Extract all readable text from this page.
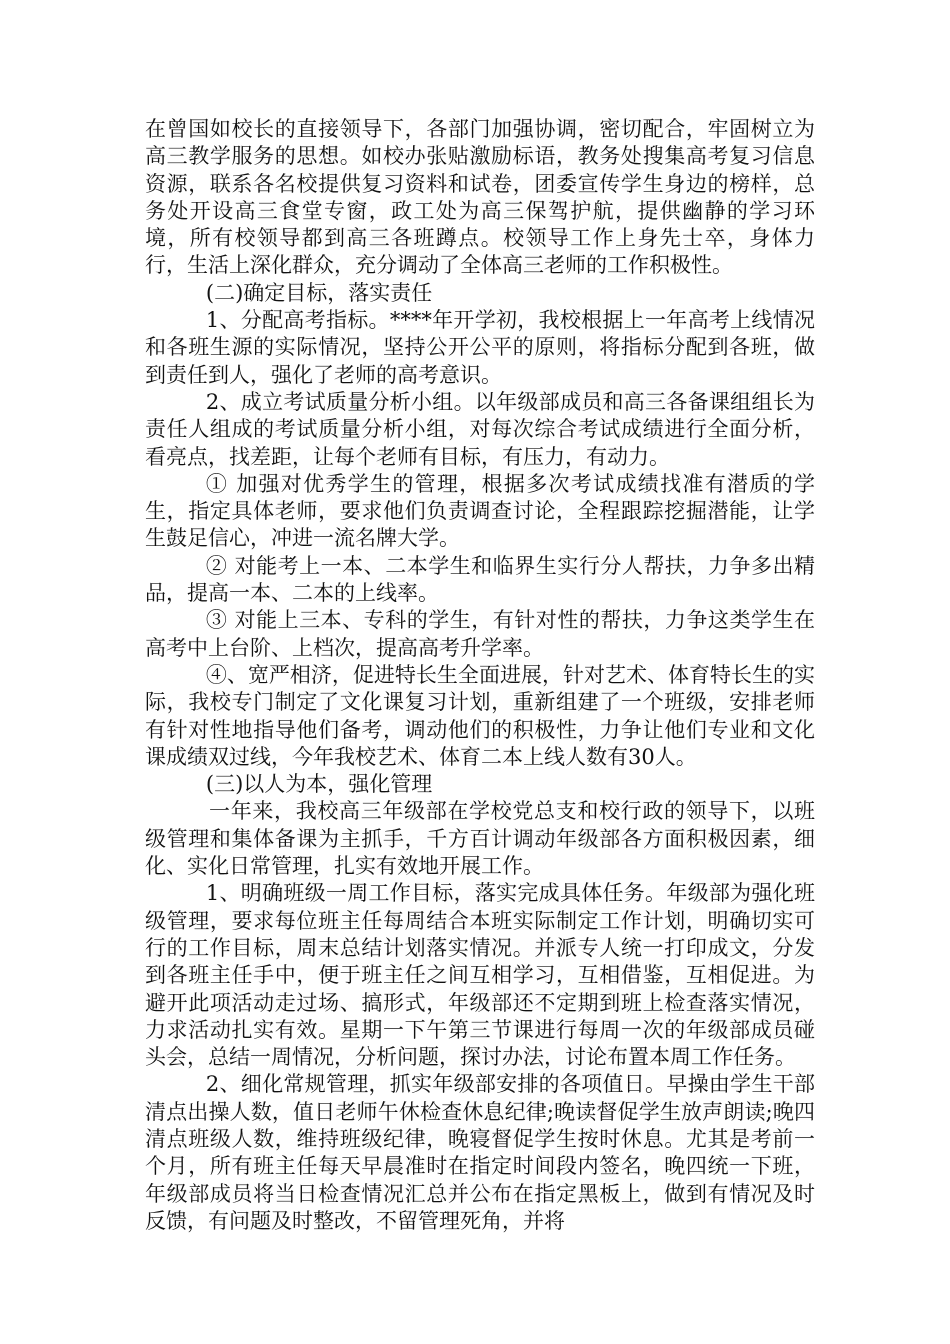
在曾国如校长的直接领导下，各部门加强协调，密切配合，牢固树立为高三教学服务的思想。如校办张贴激励标语，教务处搜集高考复习信息资源，联系各名校提供复习资料和试卷，团委宣传学生身边的榜样，总务处开设高三食堂专窗，政工处为高三保驾护航，提供幽静的学习环境，所有校领导都到高三各班蹲点。校领导工作上身先士卒，身体力行，生活上深化群众，充分调动了全体高三老师的工作积极性。

(二)确定目标，落实责任

1、分配高考指标。****年开学初，我校根据上一年高考上线情况和各班生源的实际情况，坚持公开公平的原则，将指标分配到各班，做到责任到人，强化了老师的高考意识。

2、成立考试质量分析小组。以年级部成员和高三各备课组组长为责任人组成的考试质量分析小组，对每次综合考试成绩进行全面分析，看亮点，找差距，让每个老师有目标，有压力，有动力。

① 加强对优秀学生的管理，根据多次考试成绩找准有潜质的学生，指定具体老师，要求他们负责调查讨论，全程跟踪挖掘潜能，让学生鼓足信心，冲进一流名牌大学。

② 对能考上一本、二本学生和临界生实行分人帮扶，力争多出精品，提高一本、二本的上线率。

③ 对能上三本、专科的学生，有针对性的帮扶，力争这类学生在高考中上台阶、上档次，提高高考升学率。

④、宽严相济，促进特长生全面进展，针对艺术、体育特长生的实际，我校专门制定了文化课复习计划，重新组建了一个班级，安排老师有针对性地指导他们备考，调动他们的积极性，力争让他们专业和文化课成绩双过线，今年我校艺术、体育二本上线人数有30人。

(三)以人为本，强化管理

一年来，我校高三年级部在学校党总支和校行政的领导下，以班级管理和集体备课为主抓手，千方百计调动年级部各方面积极因素，细化、实化日常管理，扎实有效地开展工作。

1、明确班级一周工作目标，落实完成具体任务。年级部为强化班级管理，要求每位班主任每周结合本班实际制定工作计划，明确切实可行的工作目标，周末总结计划落实情况。并派专人统一打印成文，分发到各班主任手中，便于班主任之间互相学习，互相借鉴，互相促进。为避开此项活动走过场、搞形式，年级部还不定期到班上检查落实情况，力求活动扎实有效。星期一下午第三节课进行每周一次的年级部成员碰头会，总结一周情况，分析问题，探讨办法，讨论布置本周工作任务。

2、细化常规管理，抓实年级部安排的各项值日。早操由学生干部清点出操人数，值日老师午休检查休息纪律;晚读督促学生放声朗读;晚四清点班级人数，维持班级纪律，晚寝督促学生按时休息。尤其是考前一个月，所有班主任每天早晨准时在指定时间段内签名，晚四统一下班，年级部成员将当日检查情况汇总并公布在指定黑板上，做到有情况及时反馈，有问题及时整改，不留管理死角，并将
